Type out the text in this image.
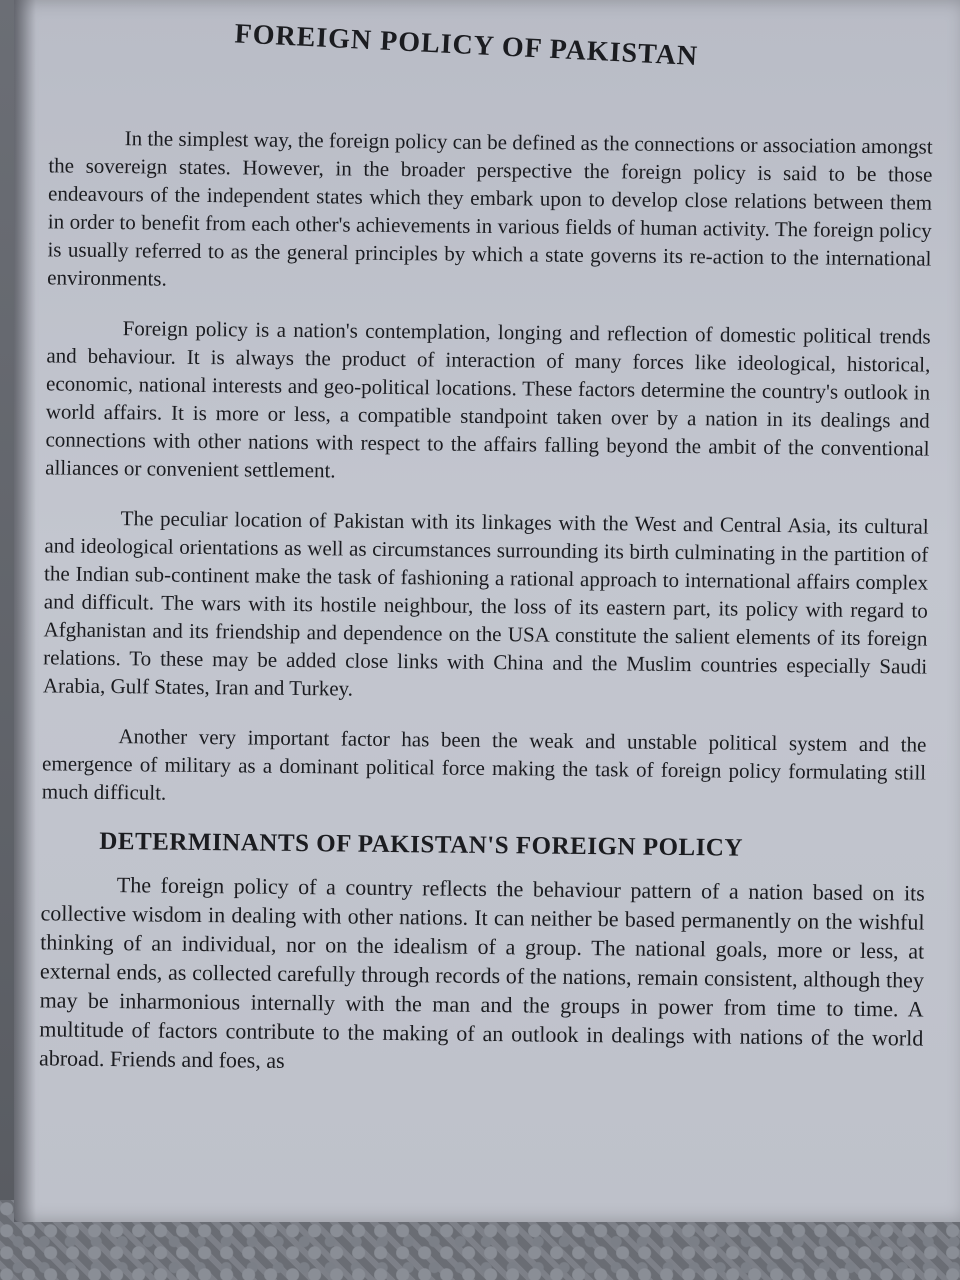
FOREIGN POLICY OF PAKISTAN

In the simplest way, the foreign policy can be defined as the connections or association amongst the sovereign states. However, in the broader perspective the foreign policy is said to be those endeavours of the independent states which they embark upon to develop close relations between them in order to benefit from each other's achievements in various fields of human activity. The foreign policy is usually referred to as the general principles by which a state governs its re-action to the international environments.

Foreign policy is a nation's contemplation, longing and reflection of domestic political trends and behaviour. It is always the product of interaction of many forces like ideological, historical, economic, national interests and geo-political locations. These factors determine the country's outlook in world affairs. It is more or less, a compatible standpoint taken over by a nation in its dealings and connections with other nations with respect to the affairs falling beyond the ambit of the conventional alliances or convenient settlement.

The peculiar location of Pakistan with its linkages with the West and Central Asia, its cultural and ideological orientations as well as circumstances surrounding its birth culminating in the partition of the Indian sub-continent make the task of fashioning a rational approach to international affairs complex and difficult. The wars with its hostile neighbour, the loss of its eastern part, its policy with regard to Afghanistan and its friendship and dependence on the USA constitute the salient elements of its foreign relations. To these may be added close links with China and the Muslim countries especially Saudi Arabia, Gulf States, Iran and Turkey.

Another very important factor has been the weak and unstable political system and the emergence of military as a dominant political force making the task of foreign policy formulating still much difficult.

DETERMINANTS OF PAKISTAN'S FOREIGN POLICY

The foreign policy of a country reflects the behaviour pattern of a nation based on its collective wisdom in dealing with other nations. It can neither be based permanently on the wishful thinking of an individual, nor on the idealism of a group. The national goals, more or less, at external ends, as collected carefully through records of the nations, remain consistent, although they may be inharmonious internally with the man and the groups in power from time to time. A multitude of factors contribute to the making of an outlook in dealings with nations of the world abroad. Friends and foes, as
